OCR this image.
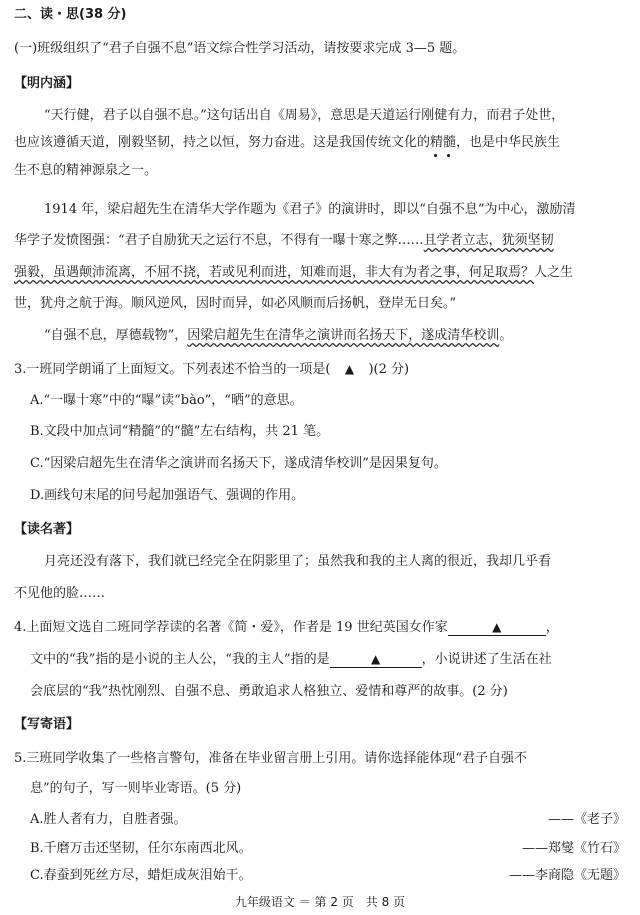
二、读・思(38 分)
(一)班级组织了“君子自强不息”语文综合性学习活动，请按要求完成 3—5 题。
【明内涵】
“天行健，君子以自强不息。”这句话出自《周易》，意思是天道运行刚健有力，而君子处世，
也应该遵循天道，刚毅坚韧，持之以恒，努力奋进。这是我国传统文化的精髓
，也是中华民族生
生不息的精神源泉之一。
1914 年，梁启超先生在清华大学作题为《君子》的演讲时，即以“自强不息”为中心，激励清
华学子发愤图强：“君子自励犹天之运行不息，不得有一曝十寒之弊……且学者立志，犹须坚韧
强毅，虽遇颠沛流离，不屈不挠，若或见利而进，知难而退，非大有为者之事，何足取焉？人之生
世，犹舟之航于海。顺风逆风，因时而异，如必风顺而后扬帆，登岸无日矣。”
“自强不息，厚德载物”，因梁启超先生在清华之演讲而名扬天下，遂成清华校训。
3.一班同学朗诵了上面短文。下列表述不恰当的一项是( ▲ )(2 分)
A.“一曝十寒”中的“曝”读“bào”，“晒”的意思。
B.文段中加点词“精髓”的“髓”左右结构，共 21 笔。
C.“因梁启超先生在清华之演讲而名扬天下，遂成清华校训”是因果复句。
D.画线句末尾的问号起加强语气、强调的作用。
【读名著】
月亮还没有落下，我们就已经完全在阴影里了；虽然我和我的主人离的很近，我却几乎看
不见他的脸……
4.上面短文选自二班同学荐读的名著《简・爱》，作者是 19 世纪英国女作家	▲	，
文中的“我”指的是小说的主人公，“我的主人”指的是	▲	，小说讲述了生活在社
会底层的“我”热忱刚烈、自强不息、勇敢追求人格独立、爱情和尊严的故事。(2 分)
【写寄语】
5.三班同学收集了一些格言警句，准备在毕业留言册上引用。请你选择能体现“君子自强不
息”的句子，写一则毕业寄语。(5 分)
A.胜人者有力，自胜者强。	——《老子》
B.千磨万击还坚韧，任尔东南西北风。	——郑燮《竹石》
C.春蚕到死丝方尽，蜡炬成灰泪始干。	——李商隐《无题》
九年级语文 ＝ 第 2 页　共 8 页
